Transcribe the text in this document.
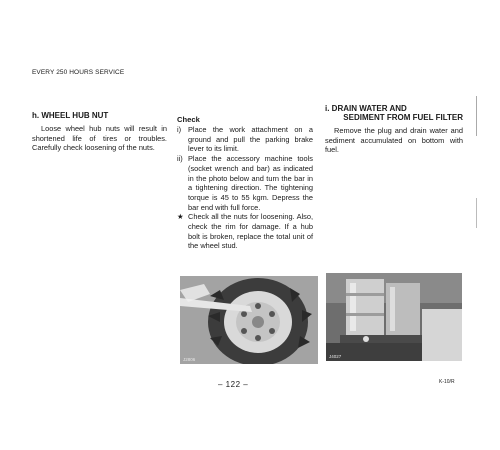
EVERY 250 HOURS SERVICE
h. WHEEL HUB NUT
Loose wheel hub nuts will result in shortened life of tires or troubles. Carefully check loosening of the nuts.
Check

i) Place the work attachment on a ground and pull the parking brake lever to its limit.

ii) Place the accessory machine tools (socket wrench and bar) as indicated in the photo below and turn the bar in a tightening direction. The tightening torque is 45 to 55 kgm. Depress the bar end with full force.

★ Check all the nuts for loosening. Also, check the rim for damage. If a hub bolt is broken, replace the total unit of the wheel stud.

i. DRAIN WATER AND
SEDIMENT FROM FUEL FILTER
Remove the plug and drain water and sediment accumulated on bottom with fuel.
J2806
J4027
– 122 –	K-10/R
